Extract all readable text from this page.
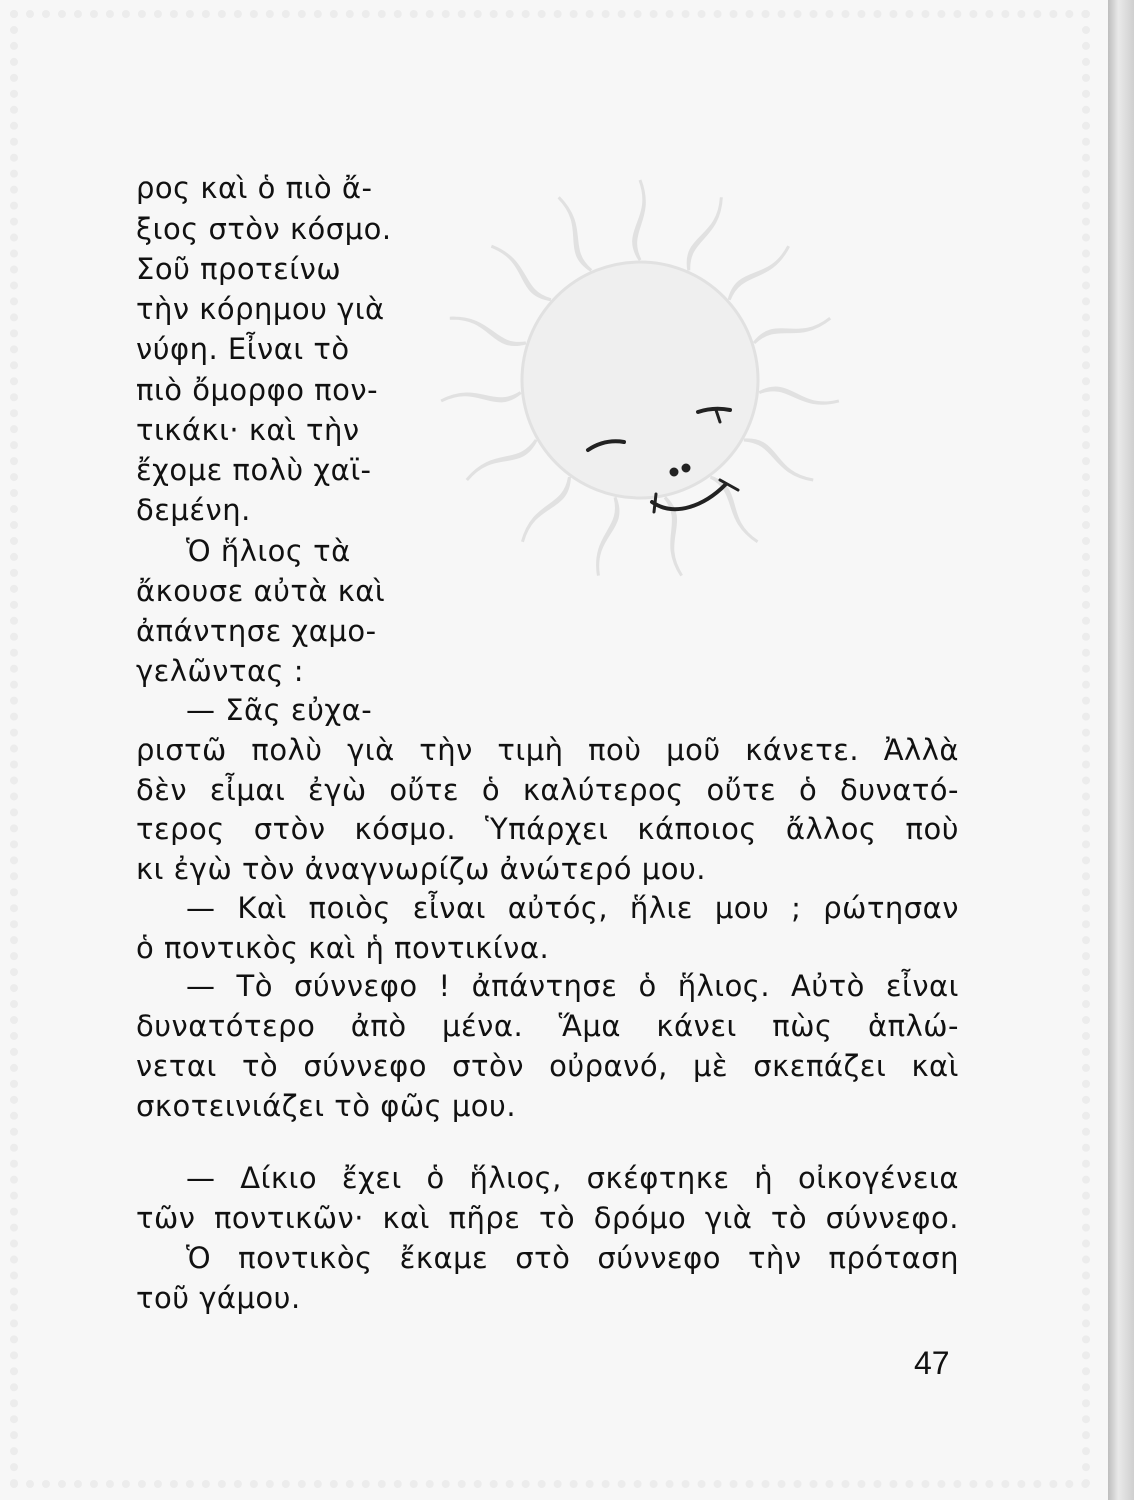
ρος καὶ ὁ πιὸ ἄ-

ξιος στὸν κόσμο.

Σοῦ προτείνω

τὴν κόρημου γιὰ

νύφη. Εἶναι τὸ

πιὸ ὄμορφο πον-

τικάκι· καὶ τὴν

ἔχομε πολὺ χαϊ-

δεμένη.

Ὁ ἥλιος τὰ

ἄκουσε αὐτὰ καὶ

ἀπάντησε χαμο-

γελῶντας :

— Σᾶς εὐχα-

ριστῶ πολὺ γιὰ τὴν τιμὴ ποὺ μοῦ κάνετε. Ἀλλὰ

δὲν εἶμαι ἐγὼ οὔτε ὁ καλύτερος οὔτε ὁ δυνατό-

τερος στὸν κόσμο. Ὑπάρχει κάποιος ἄλλος ποὺ

κι ἐγὼ τὸν ἀναγνωρίζω ἀνώτερό μου.

— Καὶ ποιὸς εἶναι αὐτός, ἥλιε μου ; ρώτησαν

ὁ ποντικὸς καὶ ἡ ποντικίνα.

— Τὸ σύννεφο ! ἀπάντησε ὁ ἥλιος. Αὐτὸ εἶναι

δυνατότερο ἀπὸ μένα. Ἅμα κάνει πὼς ἁπλώ-

νεται τὸ σύννεφο στὸν οὐρανό, μὲ σκεπάζει καὶ

σκοτεινιάζει τὸ φῶς μου.

— Δίκιο ἔχει ὁ ἥλιος, σκέφτηκε ἡ οἰκογένεια

τῶν ποντικῶν· καὶ πῆρε τὸ δρόμο γιὰ τὸ σύννεφο.

Ὁ ποντικὸς ἔκαμε στὸ σύννεφο τὴν πρόταση

τοῦ γάμου.

47
